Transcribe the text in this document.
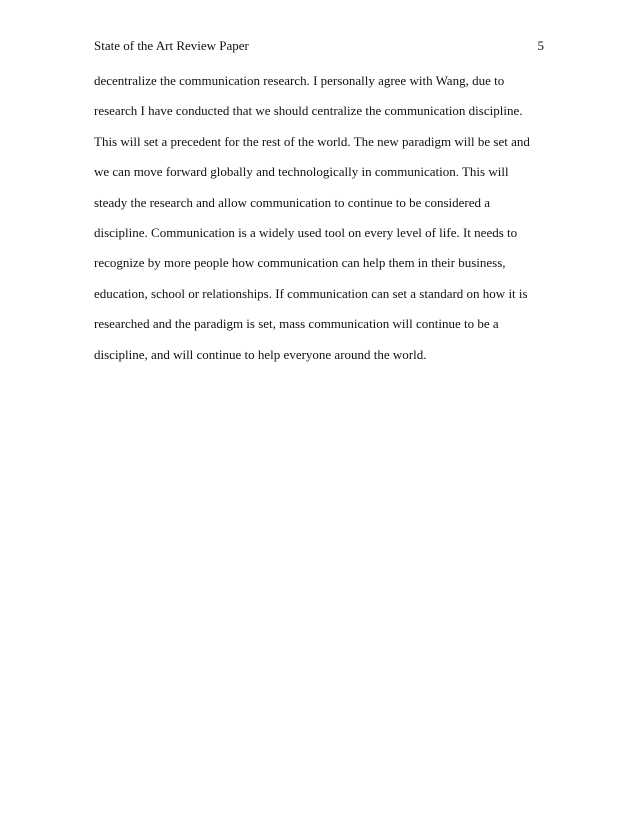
State of the Art Review Paper	5
decentralize the communication research. I personally agree with Wang, due to
research I have conducted that we should centralize the communication discipline.
This will set a precedent for the rest of the world. The new paradigm will be set and
we can move forward globally and technologically in communication. This will
steady the research and allow communication to continue to be considered a
discipline. Communication is a widely used tool on every level of life. It needs to
recognize by more people how communication can help them in their business,
education, school or relationships. If communication can set a standard on how it is
researched and the paradigm is set, mass communication will continue to be a
discipline, and will continue to help everyone around the world.
